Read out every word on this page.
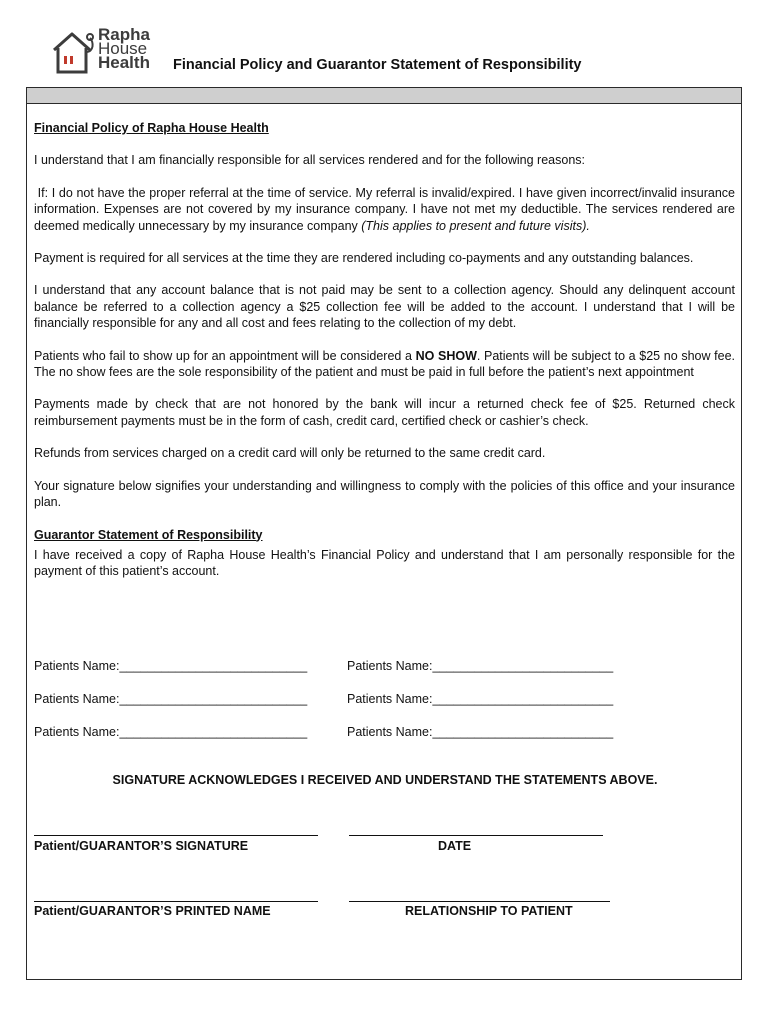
Rapha
House
Health Financial Policy and Guarantor Statement of Responsibility
Financial Policy of Rapha House Health

I understand that I am financially responsible for all services rendered and for the following reasons:

If: I do not have the proper referral at the time of service. My referral is invalid/expired. I have given incorrect/invalid insurance information. Expenses are not covered by my insurance company. I have not met my deductible. The services rendered are deemed medically unnecessary by my insurance company (This applies to present and future visits).

Payment is required for all services at the time they are rendered including co-payments and any outstanding balances.

I understand that any account balance that is not paid may be sent to a collection agency. Should any delinquent account balance be referred to a collection agency a $25 collection fee will be added to the account. I understand that I will be financially responsible for any and all cost and fees relating to the collection of my debt.

Patients who fail to show up for an appointment will be considered a NO SHOW. Patients will be subject to a $25 no show fee. The no show fees are the sole responsibility of the patient and must be paid in full before the patient’s next appointment

Payments made by check that are not honored by the bank will incur a returned check fee of $25. Returned check reimbursement payments must be in the form of cash, credit card, certified check or cashier’s check.

Refunds from services charged on a credit card will only be returned to the same credit card.

Your signature below signifies your understanding and willingness to comply with the policies of this office and your insurance plan.

Guarantor Statement of Responsibility

I have received a copy of Rapha House Health’s Financial Policy and understand that I am personally responsible for the payment of this patient’s account.

Patients Name:___________________________	Patients Name:__________________________
Patients Name:___________________________	Patients Name:__________________________
Patients Name:___________________________	Patients Name:__________________________
SIGNATURE ACKNOWLEDGES I RECEIVED AND UNDERSTAND THE STATEMENTS ABOVE.
Patient/GUARANTOR’S SIGNATURE	DATE
Patient/GUARANTOR’S PRINTED NAME	RELATIONSHIP TO PATIENT
